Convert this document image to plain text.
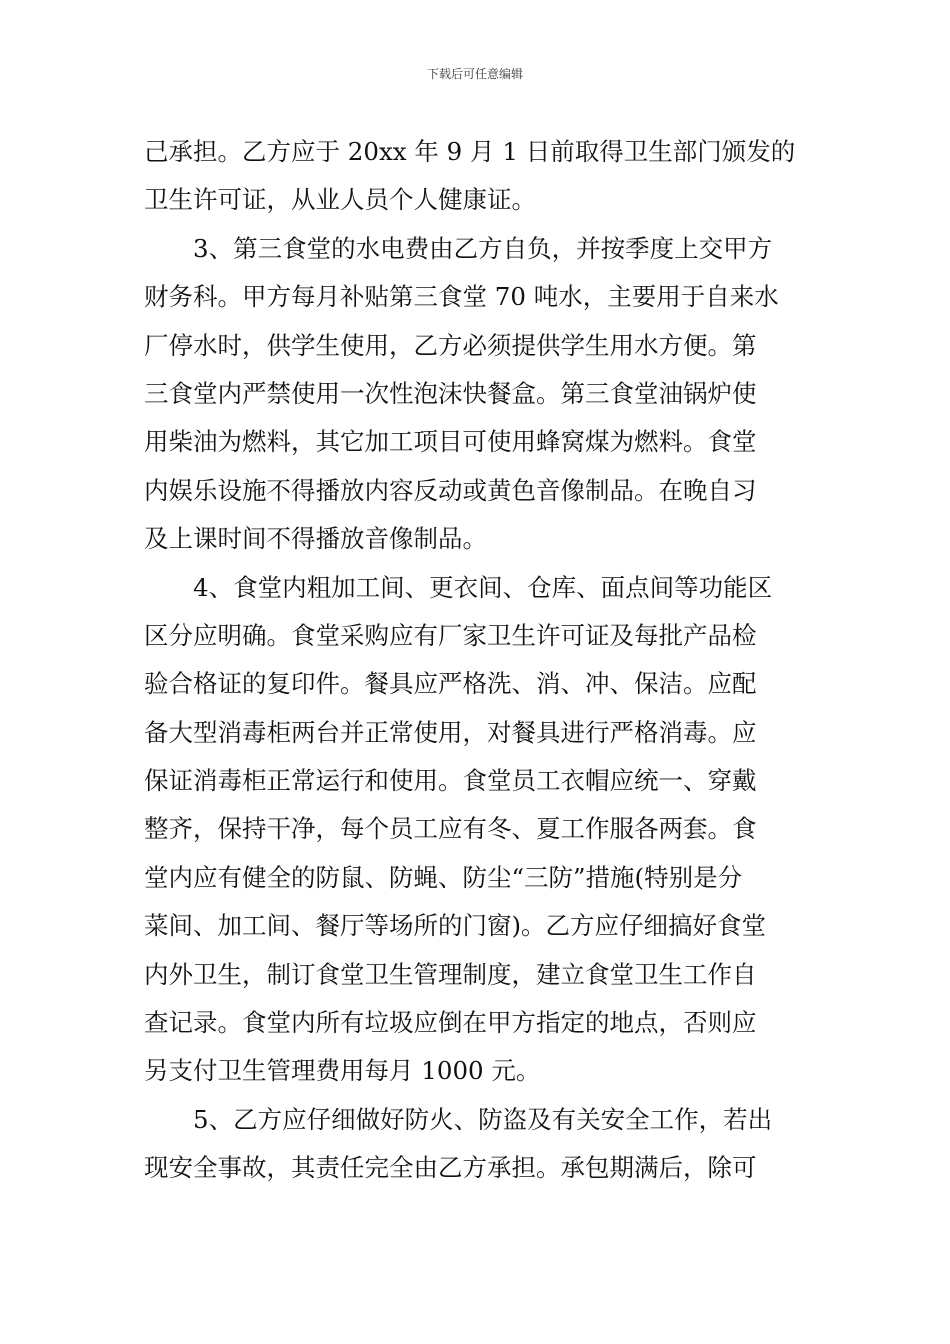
下载后可任意编辑
己承担。乙方应于 20xx 年 9 月 1 日前取得卫生部门颁发的
卫生许可证，从业人员个人健康证。
3、第三食堂的水电费由乙方自负，并按季度上交甲方
财务科。甲方每月补贴第三食堂 70 吨水，主要用于自来水
厂停水时，供学生使用，乙方必须提供学生用水方便。第
三食堂内严禁使用一次性泡沫快餐盒。第三食堂油锅炉使
用柴油为燃料，其它加工项目可使用蜂窝煤为燃料。食堂
内娱乐设施不得播放内容反动或黄色音像制品。在晚自习
及上课时间不得播放音像制品。
4、食堂内粗加工间、更衣间、仓库、面点间等功能区
区分应明确。食堂采购应有厂家卫生许可证及每批产品检
验合格证的复印件。餐具应严格洗、消、冲、保洁。应配
备大型消毒柜两台并正常使用，对餐具进行严格消毒。应
保证消毒柜正常运行和使用。食堂员工衣帽应统一、穿戴
整齐，保持干净，每个员工应有冬、夏工作服各两套。食
堂内应有健全的防鼠、防蝇、防尘“三防”措施(特别是分
菜间、加工间、餐厅等场所的门窗)。乙方应仔细搞好食堂
内外卫生，制订食堂卫生管理制度，建立食堂卫生工作自
查记录。食堂内所有垃圾应倒在甲方指定的地点，否则应
另支付卫生管理费用每月 1000 元。
5、乙方应仔细做好防火、防盗及有关安全工作，若出
现安全事故，其责任完全由乙方承担。承包期满后，除可
